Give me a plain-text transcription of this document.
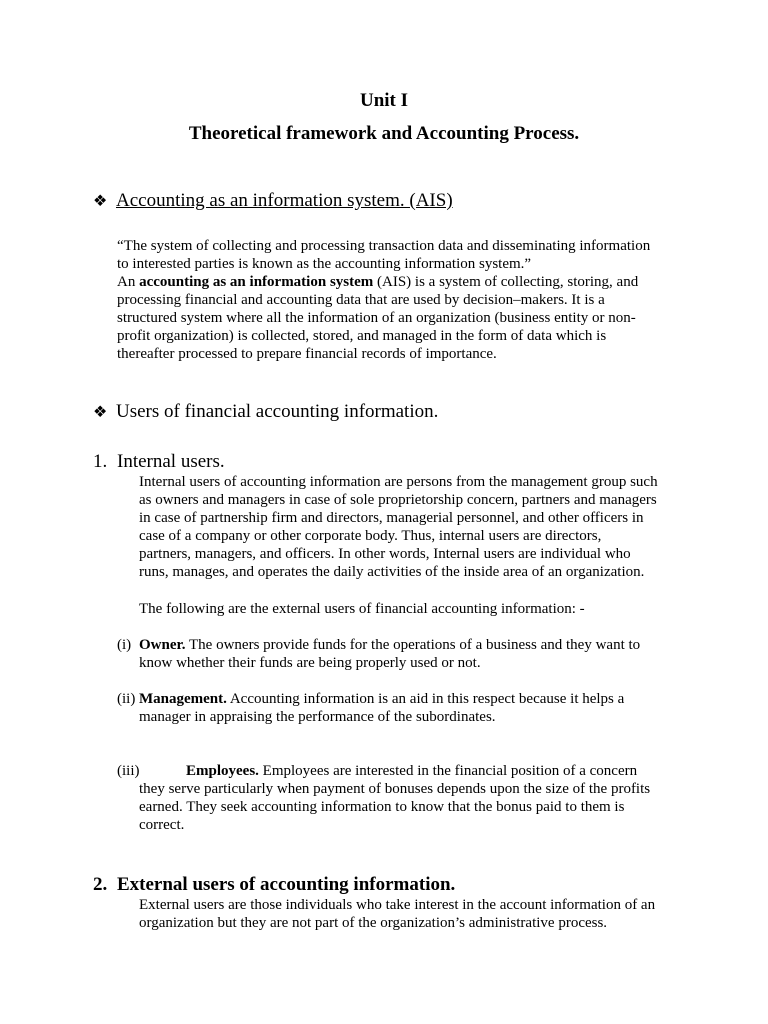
Unit I
Theoretical framework and Accounting Process.
❖ Accounting as an information system. (AIS)
“The system of collecting and processing transaction data and disseminating information
to interested parties is known as the accounting information system.”
An accounting as an information system (AIS) is a system of collecting, storing, and
processing financial and accounting data that are used by decision–makers. It is a
structured system where all the information of an organization (business entity or non-
profit organization) is collected, stored, and managed in the form of data which is
thereafter processed to prepare financial records of importance.
❖ Users of financial accounting information.
1. Internal users.
Internal users of accounting information are persons from the management group such
as owners and managers in case of sole proprietorship concern, partners and managers
in case of partnership firm and directors, managerial personnel, and other officers in
case of a company or other corporate body. Thus, internal users are directors,
partners, managers, and officers. In other words, Internal users are individual who
runs, manages, and operates the daily activities of the inside area of an organization.
The following are the external users of financial accounting information: -
(i) Owner. The owners provide funds for the operations of a business and they want to
know whether their funds are being properly used or not.
(ii) Management. Accounting information is an aid in this respect because it helps a
manager in appraising the performance of the subordinates.
(iii)	Employees. Employees are interested in the financial position of a concern
they serve particularly when payment of bonuses depends upon the size of the profits
earned. They seek accounting information to know that the bonus paid to them is
correct.
2. External users of accounting information.
External users are those individuals who take interest in the account information of an
organization but they are not part of the organization’s administrative process.
